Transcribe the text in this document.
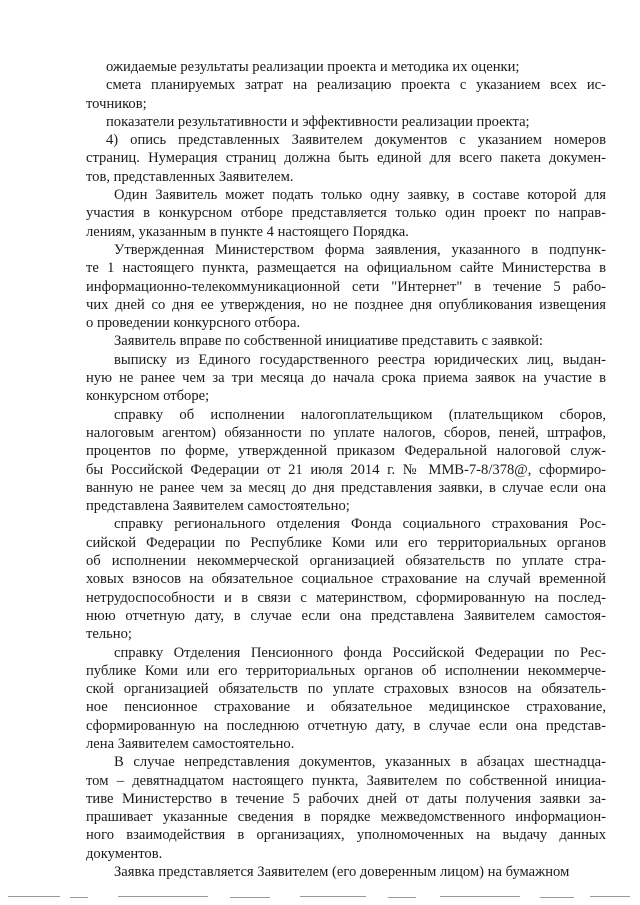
ожидаемые результаты реализации проекта и методика их оценки;
смета планируемых затрат на реализацию проекта с указанием всех ис-
точников;
показатели результативности и эффективности реализации проекта;
4) опись представленных Заявителем документов с указанием номеров
страниц. Нумерация страниц должна быть единой для всего пакета докумен-
тов, представленных Заявителем.
Один Заявитель может подать только одну заявку, в составе которой для
участия в конкурсном отборе представляется только один проект по направ-
лениям, указанным в пункте 4 настоящего Порядка.
Утвержденная Министерством форма заявления, указанного в подпунк-
те 1 настоящего пункта, размещается на официальном сайте Министерства в
информационно-телекоммуникационной сети "Интернет" в течение 5 рабо-
чих дней со дня ее утверждения, но не позднее дня опубликования извещения
о проведении конкурсного отбора.
Заявитель вправе по собственной инициативе представить с заявкой:
выписку из Единого государственного реестра юридических лиц, выдан-
ную не ранее чем за три месяца до начала срока приема заявок на участие в
конкурсном отборе;
справку об исполнении налогоплательщиком (плательщиком сборов,
налоговым агентом) обязанности по уплате налогов, сборов, пеней, штрафов,
процентов по форме, утвержденной приказом Федеральной налоговой служ-
бы Российской Федерации от 21 июля 2014 г. № ММВ-7-8/378@, сформиро-
ванную не ранее чем за месяц до дня представления заявки, в случае если она
представлена Заявителем самостоятельно;
справку регионального отделения Фонда социального страхования Рос-
сийской Федерации по Республике Коми или его территориальных органов
об исполнении некоммерческой организацией обязательств по уплате стра-
ховых взносов на обязательное социальное страхование на случай временной
нетрудоспособности и в связи с материнством, сформированную на послед-
нюю отчетную дату, в случае если она представлена Заявителем самостоя-
тельно;
справку Отделения Пенсионного фонда Российской Федерации по Рес-
публике Коми или его территориальных органов об исполнении некоммерче-
ской организацией обязательств по уплате страховых взносов на обязатель-
ное пенсионное страхование и обязательное медицинское страхование,
сформированную на последнюю отчетную дату, в случае если она представ-
лена Заявителем самостоятельно.
В случае непредставления документов, указанных в абзацах шестнадца-
том – девятнадцатом настоящего пункта, Заявителем по собственной инициа-
тиве Министерство в течение 5 рабочих дней от даты получения заявки за-
прашивает указанные сведения в порядке межведомственного информацион-
ного взаимодействия в организациях, уполномоченных на выдачу данных
документов.
Заявка представляется Заявителем (его доверенным лицом) на бумажном
